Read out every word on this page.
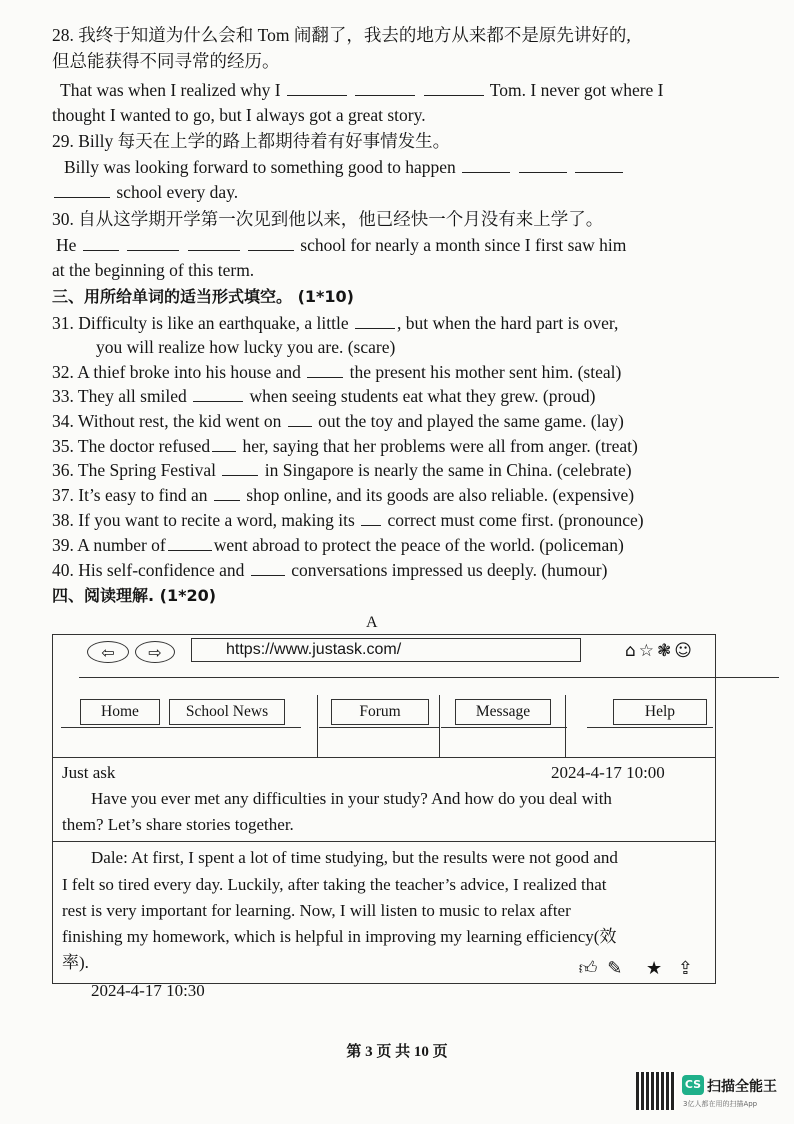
28. 我终于知道为什么会和 Tom 闹翻了，我去的地方从来都不是原先讲好的,
但总能获得不同寻常的经历。
That was when I realized why I	Tom. I never got where I
thought I wanted to go, but I always got a great story.
29. Billy 每天在上学的路上都期待着有好事情发生。
Billy was looking forward to something good to happen
school every day.
30. 自从这学期开学第一次见到他以来，他已经快一个月没有来上学了。
He	school for nearly a month since I first saw him
at the beginning of this term.
三、用所给单词的适当形式填空。 (1*10)
31. Difficulty is like an earthquake, a little	, but when the hard part is over,
you will realize how lucky you are. (scare)
32. A thief broke into his house and	the present his mother sent him. (steal)
33. They all smiled	when seeing students eat what they grew. (proud)
34. Without rest, the kid went on out the toy and played the same game. (lay)
35. The doctor refused her, saying that her problems were all from anger. (treat)
36. The Spring Festival	in Singapore is nearly the same in China. (celebrate)
37. It’s easy to find an shop online, and its goods are also reliable. (expensive)
38. If you want to recite a word, making its correct must come first. (pronounce)
39. A number of	went abroad to protect the peace of the world. (policeman)
40. His self-confidence and	conversations impressed us deeply. (humour)
四、阅读理解. (1*20)
A
⇦	⇨	https://www.justask.com/	⌂☆❃☺
Home	School News	Forum	Message	Help
Just ask	2024-4-17 10:00
Have you ever met any difficulties in your study? And how do you deal with
them? Let’s share stories together.
Dale: At first, I spent a lot of time studying, but the results were not good and
I felt so tired every day. Luckily, after taking the teacher’s advice, I realized that
rest is very important for learning. Now, I will listen to music to relax after
finishing my homework, which is helpful in improving my learning efficiency(效
率).	👍︎ ✎ ★ ⇪
2024-4-17 10:30
第 3 页 共 10 页
CS 扫描全能王
3亿人都在用的扫描App
